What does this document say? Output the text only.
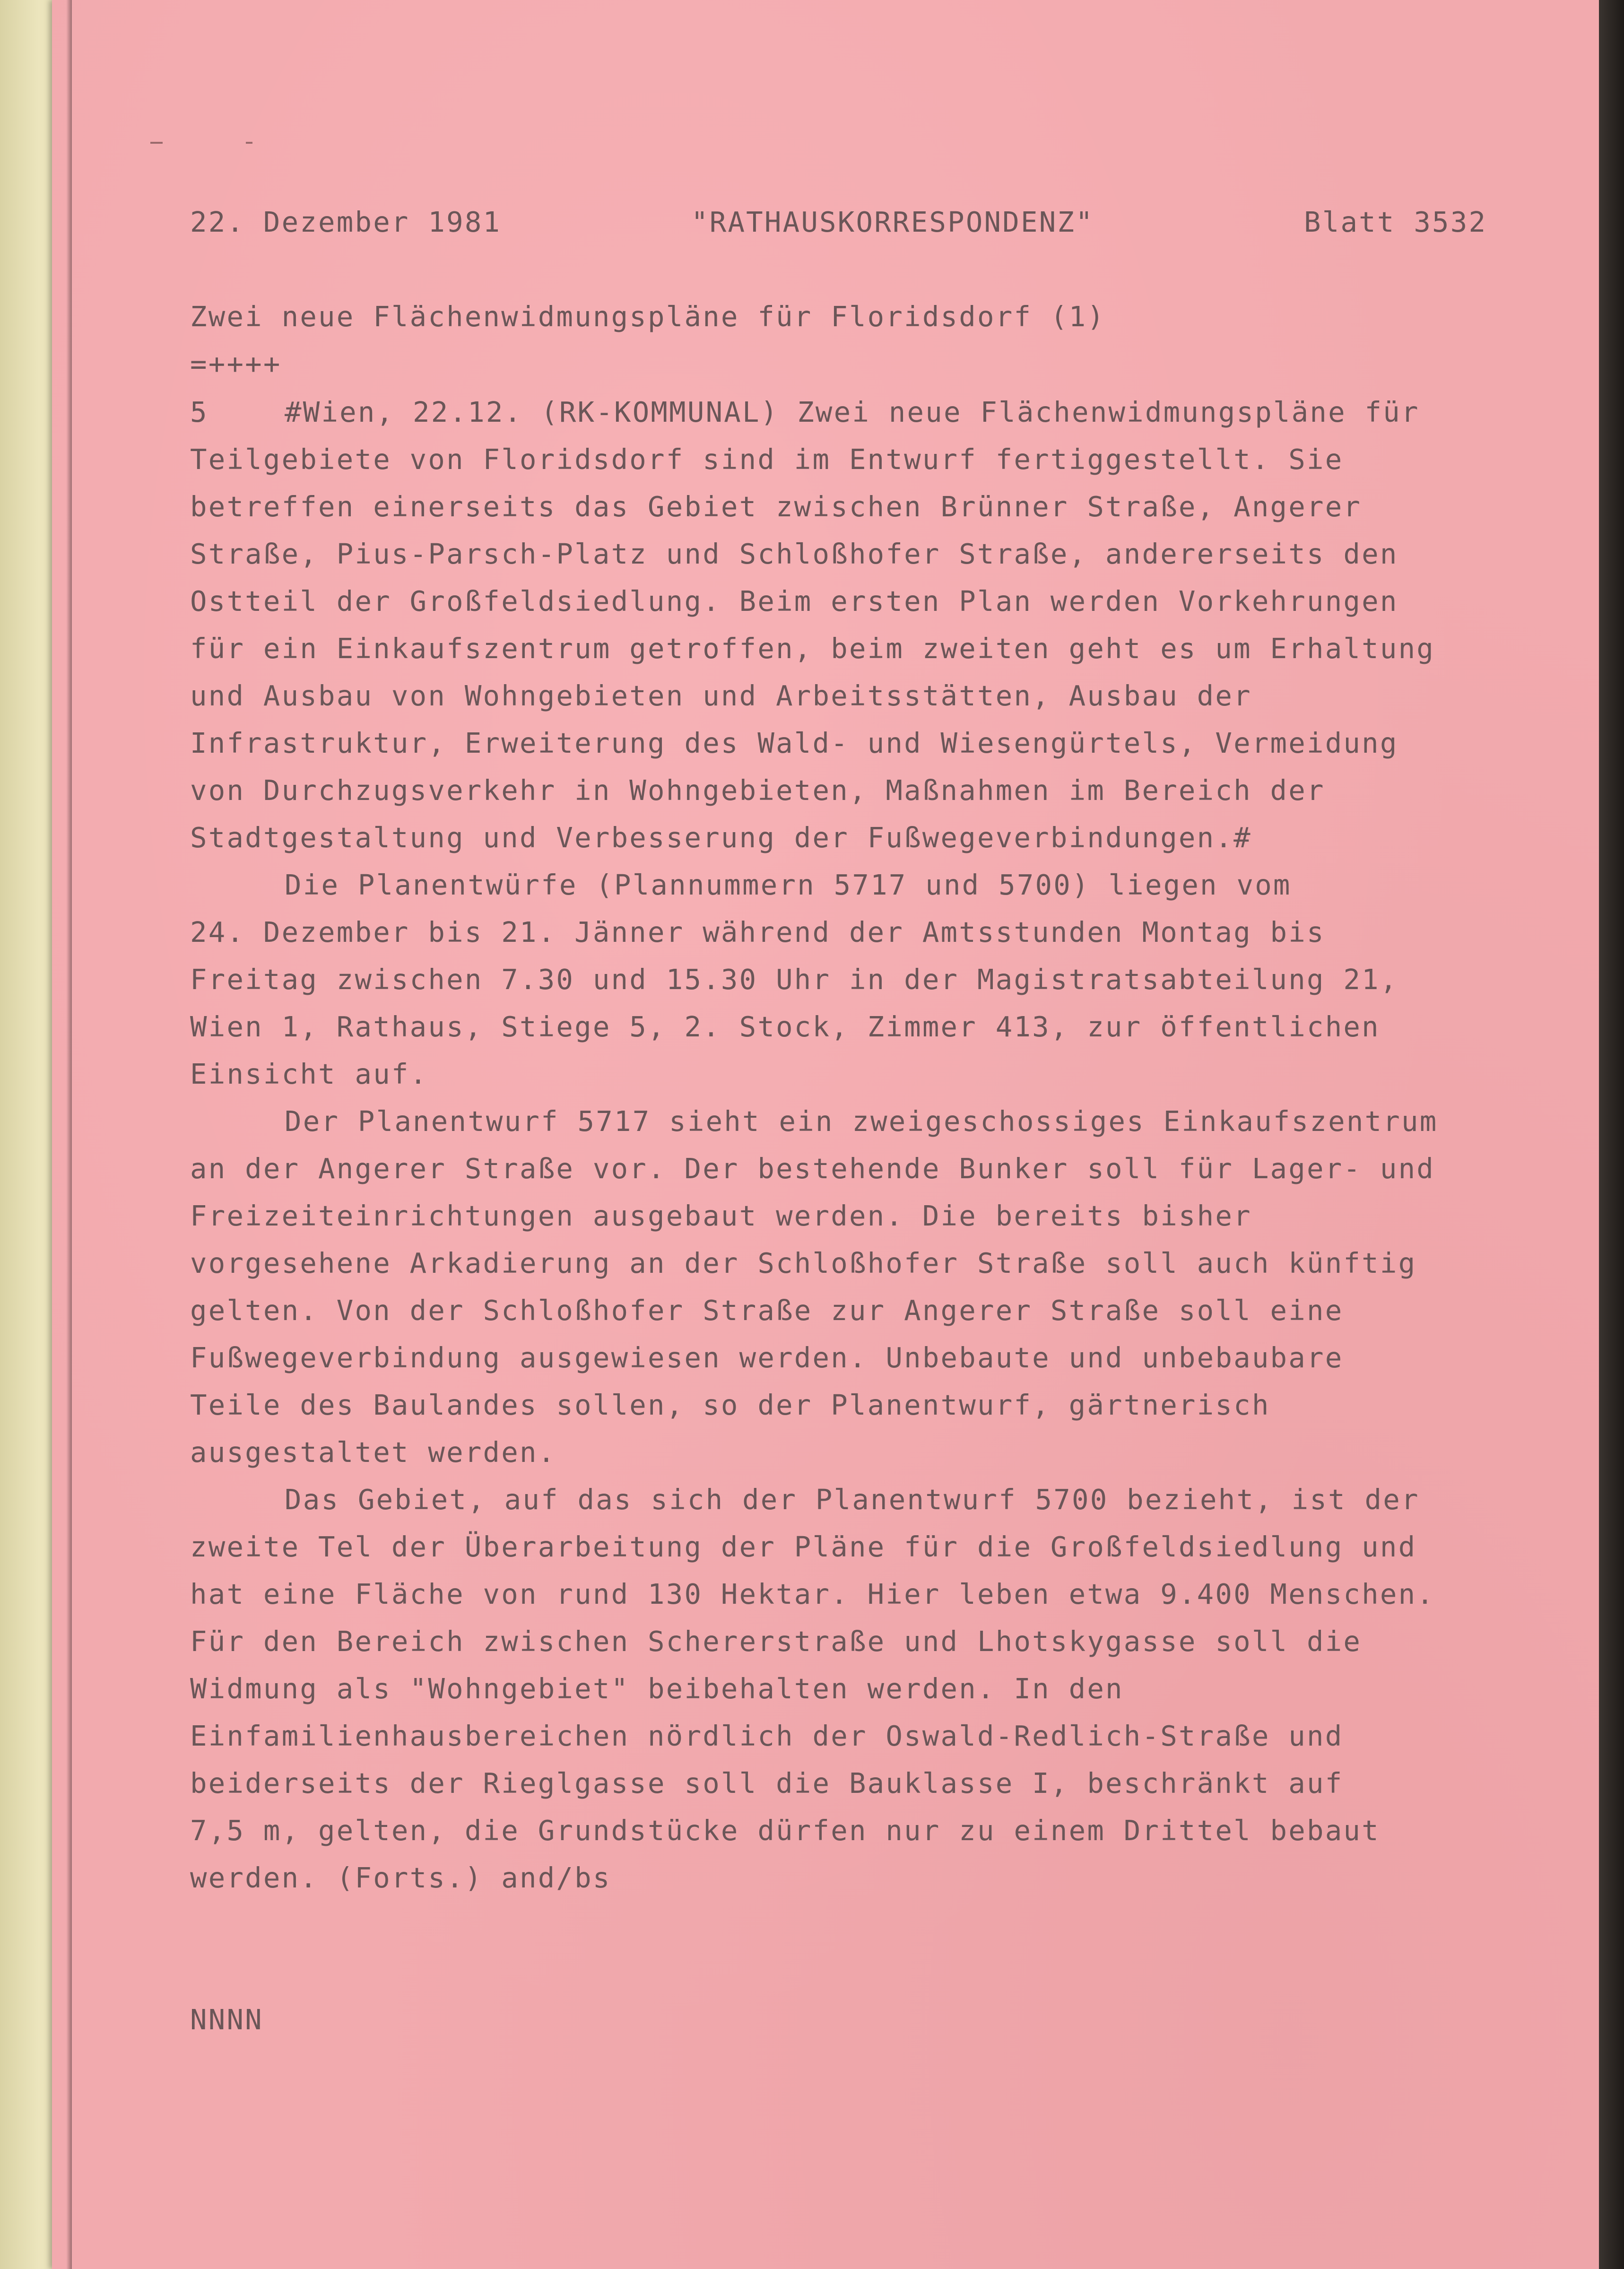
22. Dezember 1981

	"RATHAUSKORRESPONDENZ"

	Blatt 3532

Zwei neue Flächenwidmungspläne für Floridsdorf (1)
=++++
5	#Wien, 22.12. (RK-KOMMUNAL) Zwei neue Flächenwidmungspläne für
Teilgebiete von Floridsdorf sind im Entwurf fertiggestellt. Sie
betreffen einerseits das Gebiet zwischen Brünner Straße, Angerer
Straße, Pius-Parsch-Platz und Schloßhofer Straße, andererseits den
Ostteil der Großfeldsiedlung. Beim ersten Plan werden Vorkehrungen
für ein Einkaufszentrum getroffen, beim zweiten geht es um Erhaltung
und Ausbau von Wohngebieten und Arbeitsstätten, Ausbau der
Infrastruktur, Erweiterung des Wald- und Wiesengürtels, Vermeidung
von Durchzugsverkehr in Wohngebieten, Maßnahmen im Bereich der
Stadtgestaltung und Verbesserung der Fußwegeverbindungen.#
Die Planentwürfe (Plannummern 5717 und 5700) liegen vom
24. Dezember bis 21. Jänner während der Amtsstunden Montag bis
Freitag zwischen 7.30 und 15.30 Uhr in der Magistratsabteilung 21,
Wien 1, Rathaus, Stiege 5, 2. Stock, Zimmer 413, zur öffentlichen
Einsicht auf.
Der Planentwurf 5717 sieht ein zweigeschossiges Einkaufszentrum
an der Angerer Straße vor. Der bestehende Bunker soll für Lager- und
Freizeiteinrichtungen ausgebaut werden. Die bereits bisher
vorgesehene Arkadierung an der Schloßhofer Straße soll auch künftig
gelten. Von der Schloßhofer Straße zur Angerer Straße soll eine
Fußwegeverbindung ausgewiesen werden. Unbebaute und unbebaubare
Teile des Baulandes sollen, so der Planentwurf, gärtnerisch
ausgestaltet werden.
Das Gebiet, auf das sich der Planentwurf 5700 bezieht, ist der
zweite Tel der Überarbeitung der Pläne für die Großfeldsiedlung und
hat eine Fläche von rund 130 Hektar. Hier leben etwa 9.400 Menschen.
Für den Bereich zwischen Schererstraße und Lhotskygasse soll die
Widmung als "Wohngebiet" beibehalten werden. In den
Einfamilienhausbereichen nördlich der Oswald-Redlich-Straße und
beiderseits der Rieglgasse soll die Bauklasse I, beschränkt auf
7,5 m, gelten, die Grundstücke dürfen nur zu einem Drittel bebaut
werden. (Forts.) and/bs
NNNN
